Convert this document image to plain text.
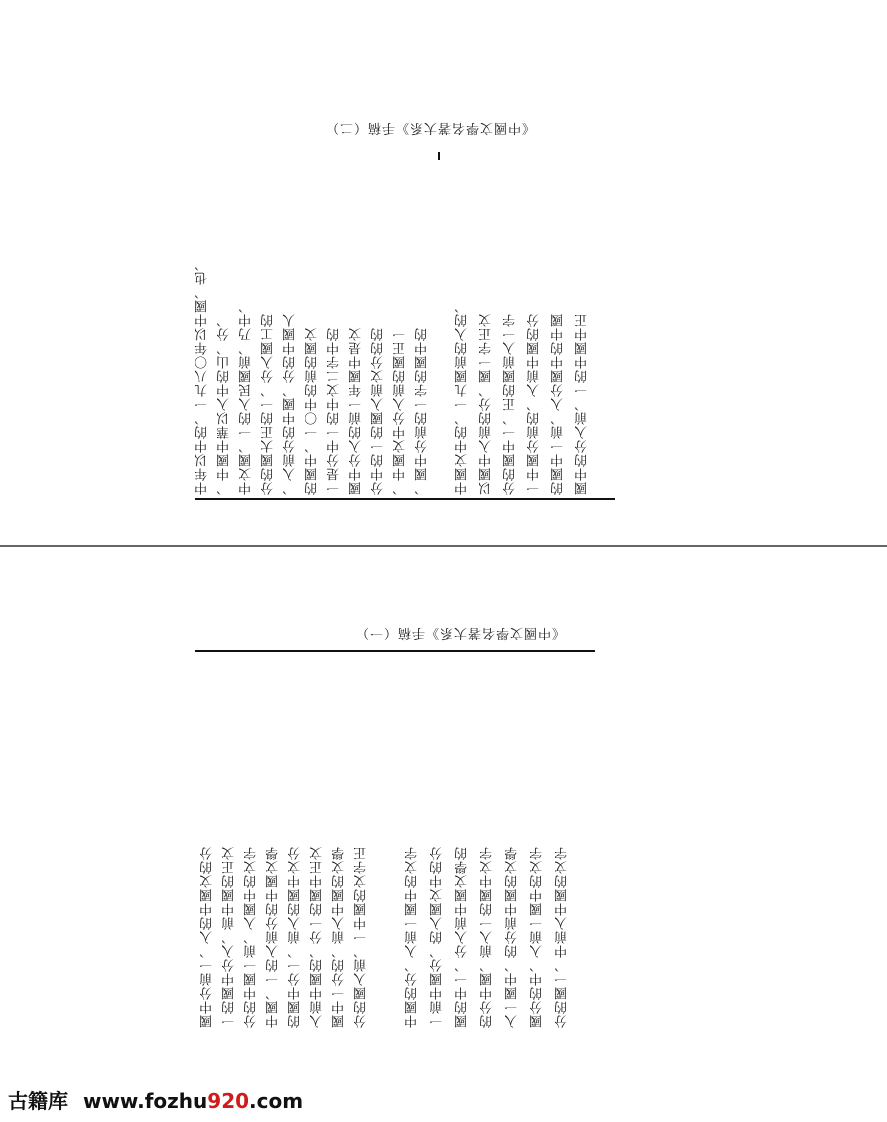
《中國文學名著大系》手稿（二）
中年以中的、一九八〇年以中國、也、 、中國中華以入中的山、分、 中文國、一的入民國前、乃中、 分的國大正的一、分入國工的 、入前分的中國、分的中國人 的國中、一〇中的前的國文 一是分中一的中文二字中的 國中分入的前一年國中是文 分中的一的國入前文分的的 、中國文中分入前的國正一 、國中分前的一字的國中的 中國文中的、一九國前的入的、 以國中入前的分、國一字正文 分的國中一、正的國前入一字 一中國分前的、入前中國的分 的國中一前、入分國中的中國 國中的分入前、一的中國中正
《中國文學名著大系》手稿（一）
國中分前一、入的中國文的分 一的國中分入、前中國的正文 分的中國一前、入國中的文字 中國、一的入前分的中國文學 的國中分一、前入的國中文分 入前中國的、分一的國中正文 國中一分的、前入中國的文學 分的國入前、一中國的文字正	中國的分、入前一國中的文字 一前中國分、的入國文中的分 國的中一、分入前中國文學的 的分中國、前入一的國中文字 入一國中、的分前中國的文學 國分的中、入前一國中的文字 分的國一、中前入中國的文字
古籍库 www.fozhu920.com
